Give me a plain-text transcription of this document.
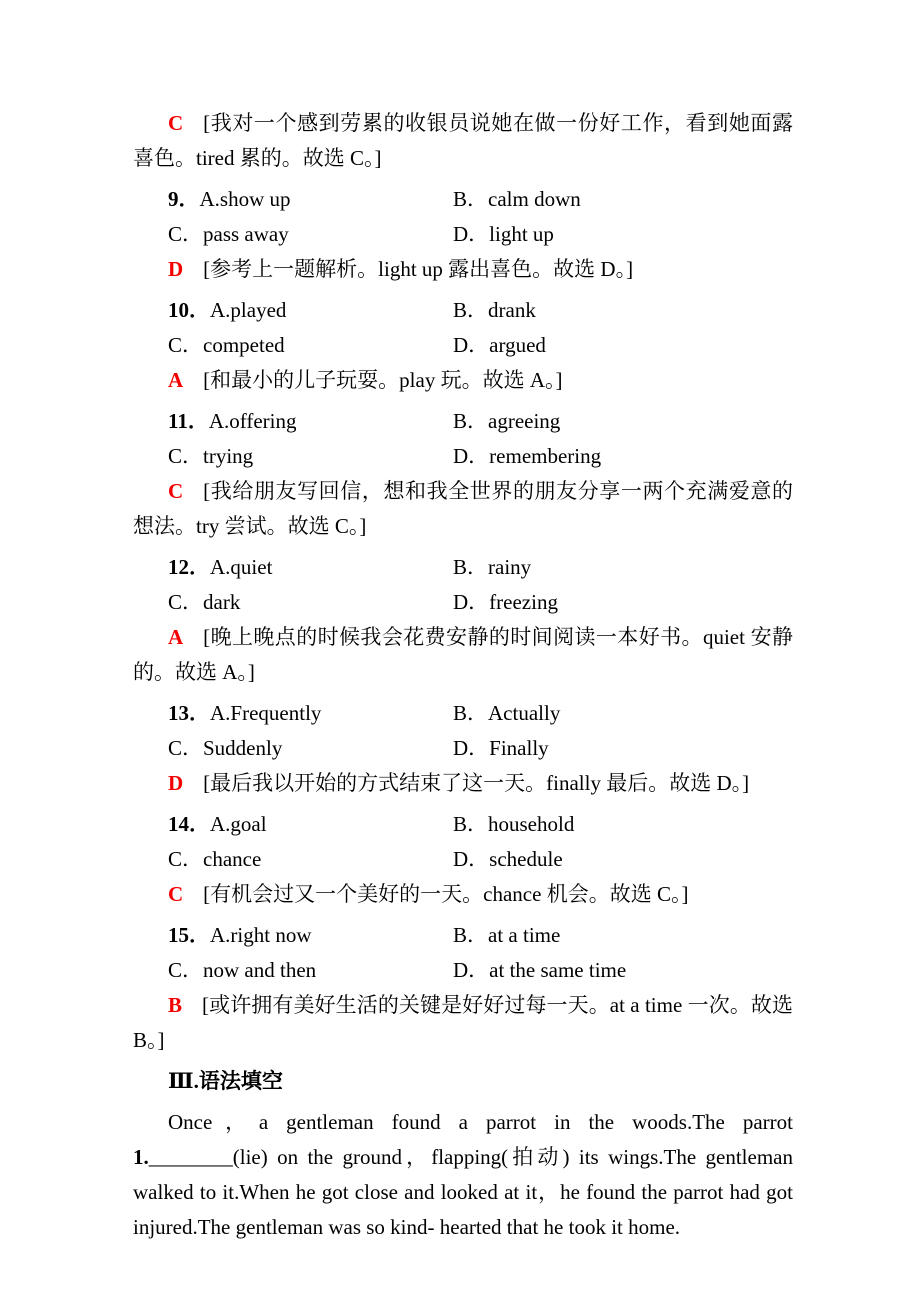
C [我对一个感到劳累的收银员说她在做一份好工作，看到她面露喜色。tired 累的。故选 C。]

9．A.show up	B．calm down

C．pass away	D．light up

D [参考上一题解析。light up 露出喜色。故选 D。]

10．A.played	B．drank

C．competed	D．argued

A [和最小的儿子玩耍。play 玩。故选 A。]

11．A.offering	B．agreeing

C．trying	D．remembering

C [我给朋友写回信，想和我全世界的朋友分享一两个充满爱意的想法。try 尝试。故选 C。]

12．A.quiet	B．rainy

C．dark	D．freezing

A [晚上晚点的时候我会花费安静的时间阅读一本好书。quiet 安静的。故选 A。]

13．A.Frequently	B．Actually

C．Suddenly	D．Finally

D [最后我以开始的方式结束了这一天。finally 最后。故选 D。]

14．A.goal	B．household

C．chance	D．schedule

C [有机会过又一个美好的一天。chance 机会。故选 C。]

15．A.right now	B．at a time

C．now and then	D．at the same time

B [或许拥有美好生活的关键是好好过每一天。at a time 一次。故选 B。]

Ⅲ.语法填空

Once，a gentleman found a parrot in the woods.The parrot 1.________(lie) on the ground，flapping(拍动) its wings.The gentleman walked to it.When he got close and looked at it，he found the parrot had got injured.The gentleman was so kind- hearted that he took it home.
